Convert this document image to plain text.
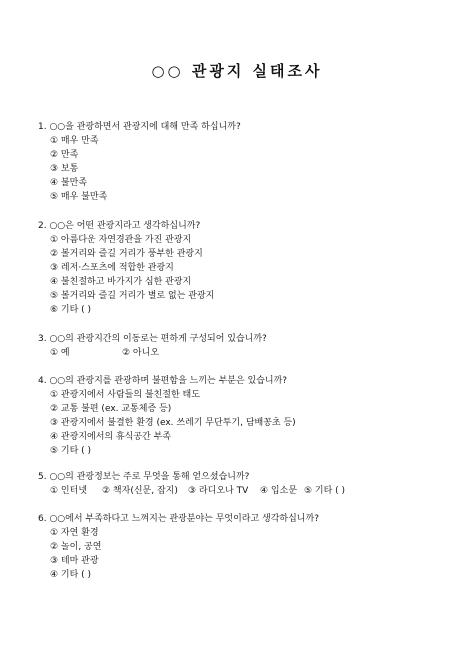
○○ 관광지 실태조사
1. ○○을 관광하면서 관광지에 대해 만족 하십니까?
① 매우 만족
② 만족
③ 보통
④ 불만족
⑤ 매우 불만족
2. ○○은 어떤 관광지라고 생각하십니까?
① 아름다운 자연경관을 가진 관광지
② 볼거리와 즐길 거리가 풍부한 관광지
③ 레저·스포츠에 적합한 관광지
④ 불친절하고 바가지가 심한 관광지
⑤ 볼거리와 즐길 거리가 별로 없는 관광지
⑥ 기타 ( )
3. ○○의 관광지간의 이동로는 편하게 구성되어 있습니까?
① 예	② 아니오
4. ○○의 관광지를 관광하며 불편함을 느끼는 부분은 있습니까?
① 관광지에서 사람들의 불친절한 태도
② 교통 불편 (ex. 교통체증 등)
③ 관광지에서 불결한 환경 (ex. 쓰레기 무단투기, 담배꽁초 등)
④ 관광지에서의 휴식공간 부족
⑤ 기타 ( )
5. ○○의 관광정보는 주로 무엇을 통해 얻으셨습니까?
① 인터넷 ② 책자(신문, 잡지) ③ 라디오나 TV ④ 입소문 ⑤ 기타 ( )
6. ○○에서 부족하다고 느껴지는 관광분야는 무엇이라고 생각하십니까?
① 자연 환경
② 놀이, 공연
③ 테마 관광
④ 기타 ( )
